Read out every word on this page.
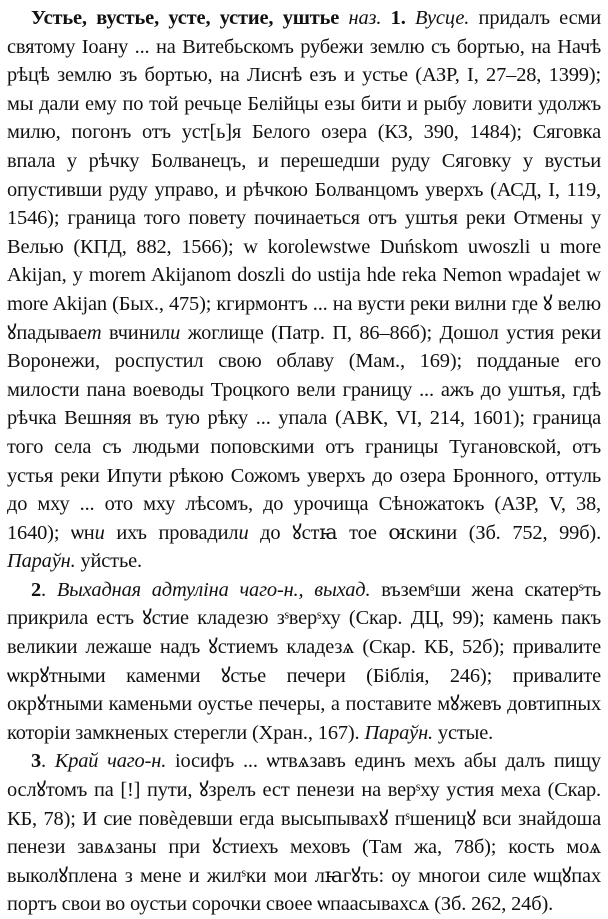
Устье, вустье, усте, устие, уштье наз. 1. Вусце. придалъ есми святому Іоану ... на Витебьскомъ рубежи землю съ бортью, на Начѣ рѣцѣ землю зъ бортью, на Лиснѣ езъ и устье (АЗР, I, 27–28, 1399); мы дали ему по той речьце Белійцы езы бити и рыбу ловити удолжъ милю, погонъ отъ уст[ь]я Белого озера (КЗ, 390, 1484); Сяговка впала у рѣчку Болванецъ, и перешедши руду Сяговку у вустьи опустивши руду управо, и рѣчкою Болванцомъ уверхъ (АСД, I, 119, 1546); граница того повету починаеться отъ уштья реки Отмены у Велью (КПД, 882, 1566); w korolewstwe Duńskom uwoszli u more Akijan, y morem Akijanom doszli do ustija hde reka Nemon wpadajet w more Akijan (Бых., 475); кгирмонтъ ... на вусти реки вилни где ꙋ велю ꙋпадываeт вчинили жоглище (Патр. П, 86–86б); Дошол устия реки Воронежи, роспустил свою облаву (Мам., 169); подданые его милости пана воеводы Троцкого вели границу ... ажъ до уштья, гдѣ рѣчка Вешняя въ тую рѣку ... упала (АВК, VI, 214, 1601); граница того села съ людьми поповскими отъ границы Тугановской, отъ устья реки Ипути рѣкою Сожомъ уверхъ до озера Бронного, оттуль до мху ... ото мху лѣсомъ, до урочища Сѣножатокъ (АЗР, V, 38, 1640); ѡни ихъ провадили до ꙋстꙗ тое ꙕскини (Зб. 752, 99б). Параўн. уйстье.

2. Выхадная адтуліна чаго-н., выхад. въземˢши жена скатерˢть прикрила естъ ꙋстие кладезю зˢверˢху (Скар. ДЦ, 99); камень пакъ великии лежаше надъ ꙋстиемъ кладезѧ (Скар. КБ, 52б); привалите ѡкрꙋтными каменми ꙋстье печери (Біблія, 246); привалите окрꙋтными каменьми оустье печеры, а поставите мꙋжевъ довтипных которіи замкненых стерегли (Хран., 167). Параўн. устые.

3. Край чаго-н. іосифъ ... ѡтвѧзавъ единъ мехъ абы далъ пищу ослꙋтомъ па [!] пути, ꙋзрелъ ест пенези на верˢху устия меха (Скар. КБ, 78); И сие повѐдевши егда высыпывахꙋ пˢшеницꙋ вси знайдоша пенези завѧзаны при ꙋстиехъ меховъ (Там жа, 78б); кость моѧ выколꙋплена з мене и жилˢки мои лꙗгꙋть: оу многои силе ѡщꙋпах портъ свои во оустьи сорочки своее ѡпаасывахсѧ (Зб. 262, 24б).
